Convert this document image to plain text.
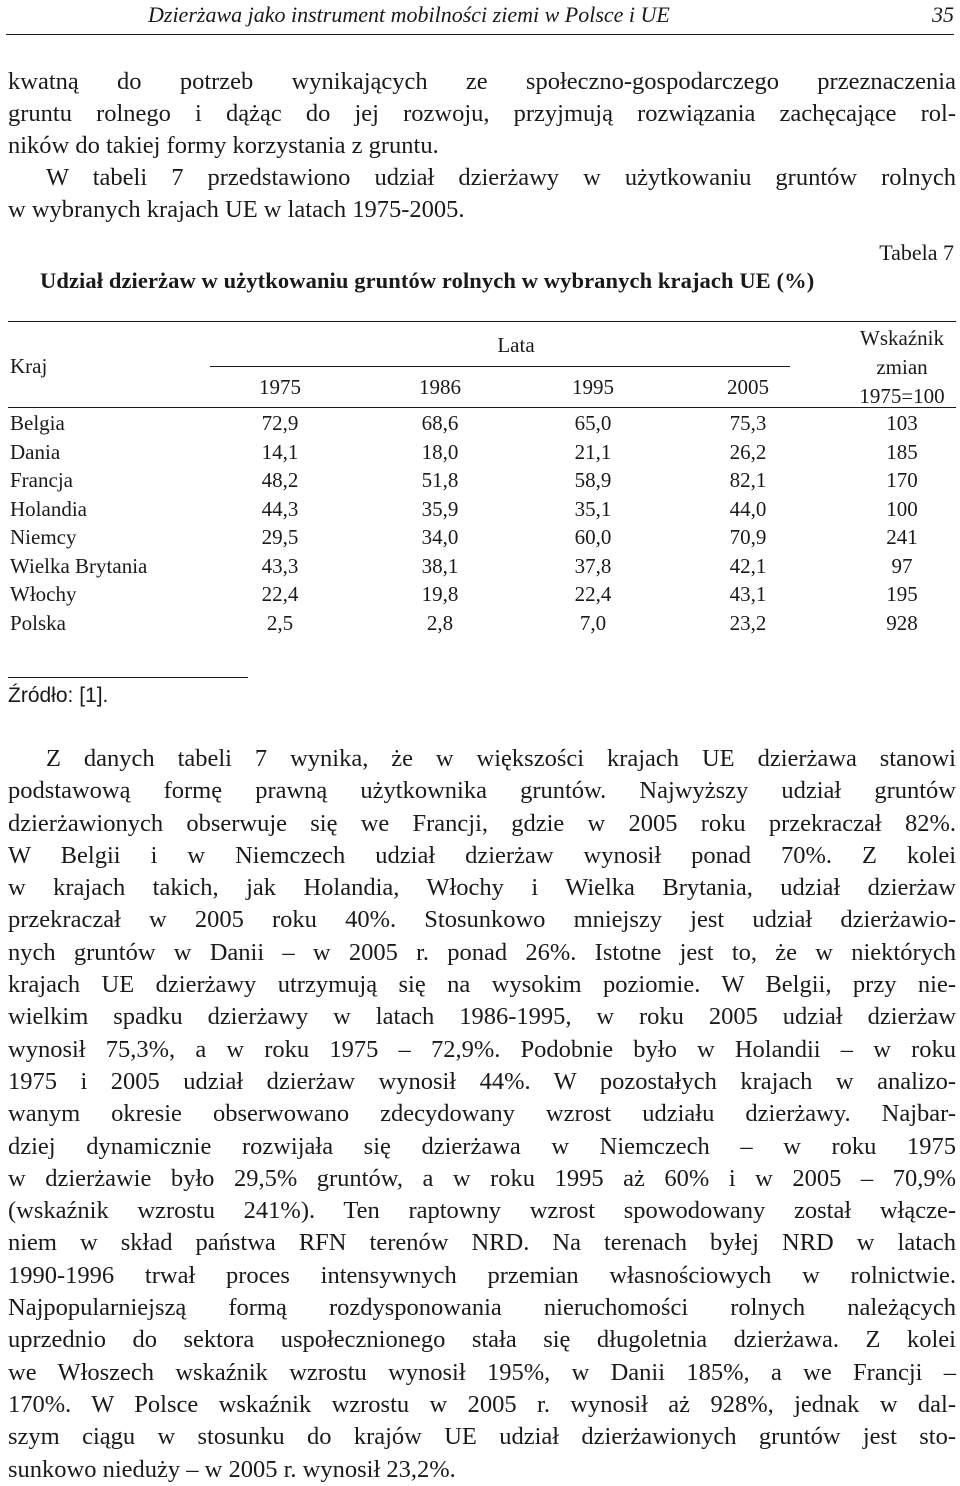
Dzierżawa jako instrument mobilności ziemi w Polsce i UE	35
kwatną do potrzeb wynikających ze społeczno-gospodarczego przeznaczenia
gruntu rolnego i dążąc do jej rozwoju, przyjmują rozwiązania zachęcające rol-
ników do takiej formy korzystania z gruntu.
W tabeli 7 przedstawiono udział dzierżawy w użytkowaniu gruntów rolnych
w wybranych krajach UE w latach 1975-2005.
Tabela 7
Udział dzierżaw w użytkowaniu gruntów rolnych w wybranych krajach UE (%)
Kraj
Lata
1975	1986	1995	2005
Wskaźnik
zmian
1975=100
Belgia	72,9	68,6	65,0	75,3	103
Dania	14,1	18,0	21,1	26,2	185
Francja	48,2	51,8	58,9	82,1	170
Holandia	44,3	35,9	35,1	44,0	100
Niemcy	29,5	34,0	60,0	70,9	241
Wielka Brytania	43,3	38,1	37,8	42,1	97
Włochy	22,4	19,8	22,4	43,1	195
Polska	2,5	2,8	7,0	23,2	928
Źródło: [1].
Z danych tabeli 7 wynika, że w większości krajach UE dzierżawa stanowi
podstawową formę prawną użytkownika gruntów. Najwyższy udział gruntów
dzierżawionych obserwuje się we Francji, gdzie w 2005 roku przekraczał 82%.
W Belgii i w Niemczech udział dzierżaw wynosił ponad 70%. Z kolei
w krajach takich, jak Holandia, Włochy i Wielka Brytania, udział dzierżaw
przekraczał w 2005 roku 40%. Stosunkowo mniejszy jest udział dzierżawio-
nych gruntów w Danii – w 2005 r. ponad 26%. Istotne jest to, że w niektórych
krajach UE dzierżawy utrzymują się na wysokim poziomie. W Belgii, przy nie-
wielkim spadku dzierżawy w latach 1986-1995, w roku 2005 udział dzierżaw
wynosił 75,3%, a w roku 1975 – 72,9%. Podobnie było w Holandii – w roku
1975 i 2005 udział dzierżaw wynosił 44%. W pozostałych krajach w analizo-
wanym okresie obserwowano zdecydowany wzrost udziału dzierżawy. Najbar-
dziej dynamicznie rozwijała się dzierżawa w Niemczech – w roku 1975
w dzierżawie było 29,5% gruntów, a w roku 1995 aż 60% i w 2005 – 70,9%
(wskaźnik wzrostu 241%). Ten raptowny wzrost spowodowany został włącze-
niem w skład państwa RFN terenów NRD. Na terenach byłej NRD w latach
1990-1996 trwał proces intensywnych przemian własnościowych w rolnictwie.
Najpopularniejszą formą rozdysponowania nieruchomości rolnych należących
uprzednio do sektora uspołecznionego stała się długoletnia dzierżawa. Z kolei
we Włoszech wskaźnik wzrostu wynosił 195%, w Danii 185%, a we Francji –
170%. W Polsce wskaźnik wzrostu w 2005 r. wynosił aż 928%, jednak w dal-
szym ciągu w stosunku do krajów UE udział dzierżawionych gruntów jest sto-
sunkowo nieduży – w 2005 r. wynosił 23,2%.
